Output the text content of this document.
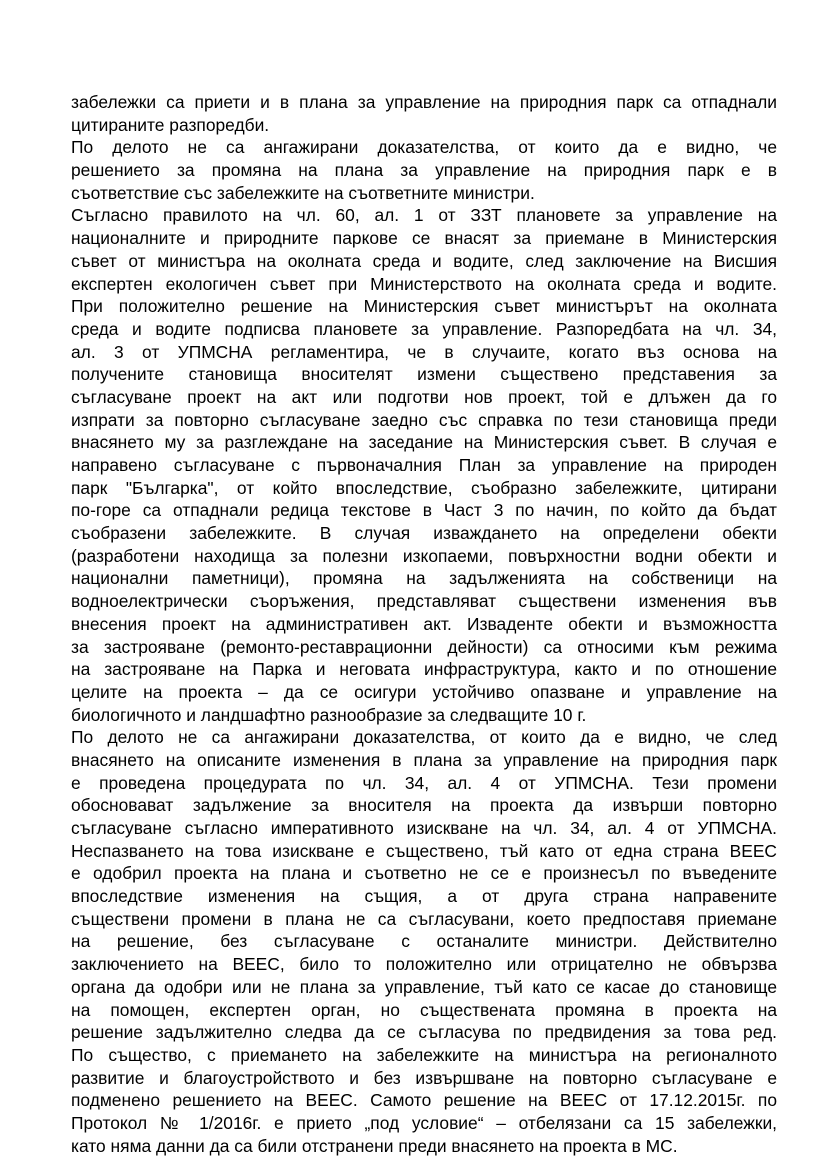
забележки са приети и в плана за управление на природния парк са отпаднали
цитираните разпоредби.
По делото не са ангажирани доказателства, от които да е видно, че
решението за промяна на плана за управление на природния парк е в
съответствие със забележките на съответните министри.
Съгласно правилото на чл. 60, ал. 1 от ЗЗТ плановете за управление на
националните и природните паркове се внасят за приемане в Министерския
съвет от министъра на околната среда и водите, след заключение на Висшия
експертен екологичен съвет при Министерството на околната среда и водите.
При положително решение на Министерския съвет министърът на околната
среда и водите подписва плановете за управление. Разпоредбата на чл. 34,
ал. 3 от УПМСНА регламентира, че в случаите, когато въз основа на
получените становища вносителят измени съществено представения за
съгласуване проект на акт или подготви нов проект, той е длъжен да го
изпрати за повторно съгласуване заедно със справка по тези становища преди
внасянето му за разглеждане на заседание на Министерския съвет. В случая е
направено съгласуване с първоначалния План за управление на природен
парк "Българка", от който впоследствие, съобразно забележките, цитирани
по-горе са отпаднали редица текстове в Част 3 по начин, по който да бъдат
съобразени забележките. В случая изваждането на определени обекти
(разработени находища за полезни изкопаеми, повърхностни водни обекти и
национални паметници), промяна на задълженията на собственици на
водноелектрически съоръжения, представляват съществени изменения във
внесения проект на административен акт. Изваденте обекти и възможността
за застрояване (ремонто-реставрационни дейности) са относими към режима
на застрояване на Парка и неговата инфраструктура, както и по отношение
целите на проекта – да се осигури устойчиво опазване и управление на
биологичното и ландшафтно разнообразие за следващите 10 г.
По делото не са ангажирани доказателства, от които да е видно, че след
внасянето на описаните изменения в плана за управление на природния парк
е проведена процедурата по чл. 34, ал. 4 от УПМСНА. Тези промени
обосновават задължение за вносителя на проекта да извърши повторно
съгласуване съгласно императивното изискване на чл. 34, ал. 4 от УПМСНА.
Неспазването на това изискване е съществено, тъй като от една страна ВЕЕС
е одобрил проекта на плана и съответно не се е произнесъл по въведените
впоследствие изменения на същия, а от друга страна направените
съществени промени в плана не са съгласувани, което предпоставя приемане
на решение, без съгласуване с останалите министри. Действително
заключението на ВЕЕС, било то положително или отрицателно не обвързва
органа да одобри или не плана за управление, тъй като се касае до становище
на помощен, експертен орган, но съществената промяна в проекта на
решение задължително следва да се съгласува по предвидения за това ред.
По същество, с приемането на забележките на министъра на регионалното
развитие и благоустройството и без извършване на повторно съгласуване е
подменено решението на ВЕЕС. Самото решение на ВЕЕС от 17.12.2015г. по
Протокол № 1/2016г. е прието „под условие“ – отбелязани са 15 забележки,
като няма данни да са били отстранени преди внасянето на проекта в МС.
